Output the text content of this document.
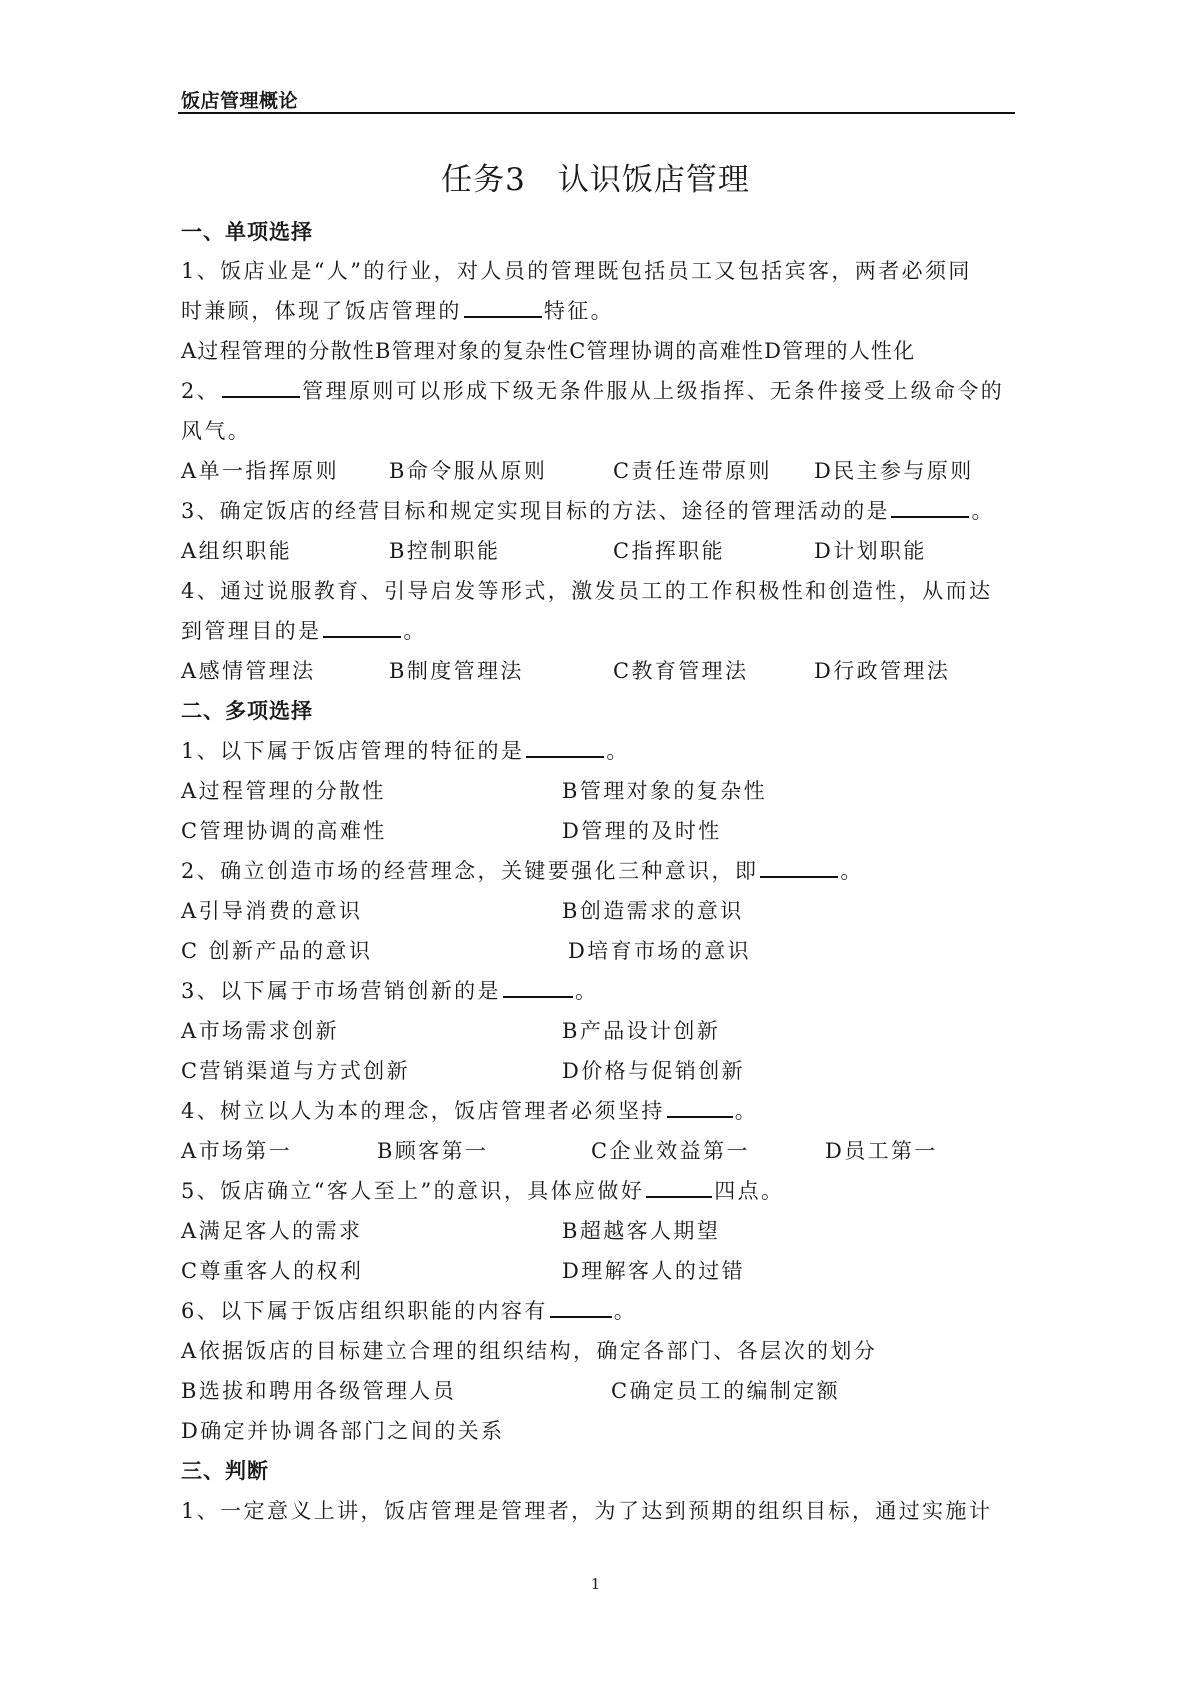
饭店管理概论
任务3　认识饭店管理
一、单项选择
1、饭店业是“人”的行业，对人员的管理既包括员工又包括宾客，两者必须同
时兼顾，体现了饭店管理的	特征。
A过程管理的分散性B管理对象的复杂性C管理协调的高难性D管理的人性化
2、	管理原则可以形成下级无条件服从上级指挥、无条件接受上级命令的
风气。
A单一指挥原则 B命令服从原则	C责任连带原则 D民主参与原则
3、确定饭店的经营目标和规定实现目标的方法、途径的管理活动的是	。
A组织职能	B控制职能	C指挥职能	D计划职能
4、通过说服教育、引导启发等形式，激发员工的工作积极性和创造性，从而达
到管理目的是	。
A感情管理法	B制度管理法	C教育管理法	D行政管理法
二、多项选择
1、以下属于饭店管理的特征的是	。
A过程管理的分散性	B管理对象的复杂性
C管理协调的高难性	D管理的及时性
2、确立创造市场的经营理念，关键要强化三种意识，即	。
A引导消费的意识	B创造需求的意识
C 创新产品的意识	D培育市场的意识
3、以下属于市场营销创新的是	。
A市场需求创新	B产品设计创新
C营销渠道与方式创新	D价格与促销创新
4、树立以人为本的理念，饭店管理者必须坚持	。
A市场第一	B顾客第一	C企业效益第一	D员工第一
5、饭店确立“客人至上”的意识，具体应做好	四点。
A满足客人的需求	B超越客人期望
C尊重客人的权利	D理解客人的过错
6、以下属于饭店组织职能的内容有	。
A依据饭店的目标建立合理的组织结构，确定各部门、各层次的划分
B选拔和聘用各级管理人员	C确定员工的编制定额
D确定并协调各部门之间的关系
三、判断
1、一定意义上讲，饭店管理是管理者，为了达到预期的组织目标，通过实施计
1
